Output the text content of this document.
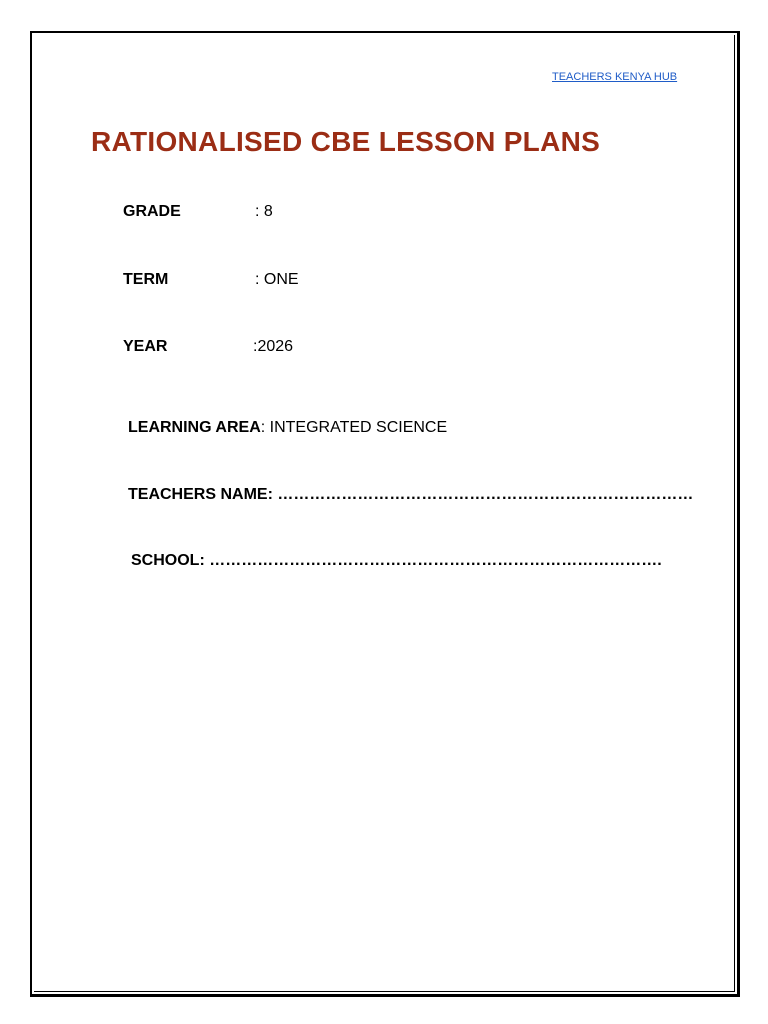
TEACHERS KENYA HUB
RATIONALISED CBE LESSON PLANS
GRADE	: 8
TERM	: ONE
YEAR	:2026
LEARNING AREA: INTEGRATED SCIENCE
TEACHERS NAME: ……………………………………………………………………
SCHOOL: ………………………………………………………………………….
